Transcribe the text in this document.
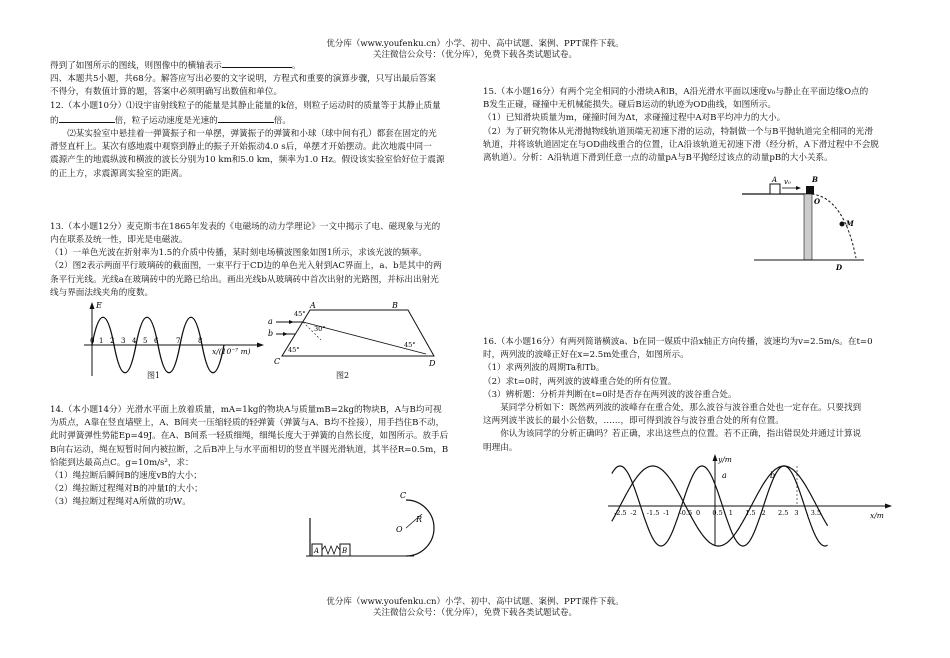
优分库（www.youfenku.cn）小学、初中、高中试题、案例、PPT课件下载。
关注微信公众号：（优分库），免费下载各类试题试卷。
优分库（www.youfenku.cn）小学、初中、高中试题、案例、PPT课件下载。
关注微信公众号：（优分库），免费下载各类试题试卷。

得到了如图所示的图线，则图像中的横轴表示	。

四、本题共5小题，共68分。解答应写出必要的文字说明，方程式和重要的演算步骤，只写出最后答案

不得分，有数值计算的题，答案中必须明确写出数值和单位。

12.（本小题10分）⑴设宇宙射线粒子的能量是其静止能量的k倍，则粒子运动时的质量等于其静止质量

的	倍，粒子运动速度是光速的	倍。

⑵某实验室中悬挂着一弹簧振子和一单摆，弹簧振子的弹簧和小球（球中间有孔）都套在固定的光

滑竖直杆上。某次有感地震中观察到静止的振子开始振动4.0 s后，单摆才开始摆动。此次地震中同一

震源产生的地震纵波和横波的波长分别为10 km和5.0 km，频率为1.0 Hz。假设该实验室恰好位于震源

的正上方，求震源离实验室的距离。

13.（本小题12分）麦克斯韦在1865年发表的《电磁场的动力学理论》一文中揭示了电、磁现象与光的

内在联系及统一性，即光是电磁波。

（1）一单色光波在折射率为1.5的介质中传播，某时刻电场横波图象如图1所示，求该光波的频率。

（2）图2表示两面平行玻璃砖的截面图，一束平行于CD边的单色光入射到AC界面上，a、b是其中的两

条平行光线。光线a在玻璃砖中的光路已给出。画出光线b从玻璃砖中首次出射的光路图，并标出出射光

线与界面法线夹角的度数。

14.（本小题14分）光滑水平面上放着质量，mA=1kg的物块A与质量mB=2kg的物块B，A与B均可视

为质点，A靠在竖直墙壁上，A、B间夹一压缩轻质的轻弹簧（弹簧与A、B均不拴接），用手挡住B不动，

此时弹簧弹性势能Ep=49J。在A、B间系一轻质细绳，细绳长度大于弹簧的自然长度，如图所示。放手后

B向右运动，绳在短暂时间内被拉断，之后B冲上与水平面相切的竖直半圆光滑轨道，其半径R=0.5m，B

恰能到达最高点C。g=10m/s²，求：

（1）绳拉断后瞬间B的速度vB的大小；

（2）绳拉断过程绳对B的冲量I的大小；

（3）绳拉断过程绳对A所做的功W。

E
0 1 2 3 4 5 6	7	8
x/(10⁻⁷ m)
图1
a
b
A	B
C	D
45°
30°
45°
45°
图2
A	B
C
O
R

15.（本小题16分）有两个完全相同的小滑块A和B，A沿光滑水平面以速度v₀与静止在平面边缘O点的

B发生正碰，碰撞中无机械能损失。碰后B运动的轨迹为OD曲线，如图所示。

（1）已知滑块质量为m，碰撞时间为Δt，求碰撞过程中A对B平均冲力的大小。

（2）为了研究物体从光滑抛物线轨道顶端无初速下滑的运动，特制做一个与B平抛轨道完全相同的光滑

轨道，并将该轨道固定在与OD曲线重合的位置，让A沿该轨道无初速下滑（经分析，A下滑过程中不会脱

离轨道）。分析：A沿轨道下滑到任意一点的动量pA与B平抛经过该点的动量pB的大小关系。

A v₀	B
O
M
D

16.（本小题16分）有两列简谐横波a、b在同一媒质中沿x轴正方向传播，波速均为v=2.5m/s。在t=0

时，两列波的波峰正好在x=2.5m处重合，如图所示。

（1）求两列波的周期Ta和Tb。

（2）求t=0时，两列波的波峰重合处的所有位置。

（3）辨析题：分析并判断在t=0时是否存在两列波的波谷重合处。

某同学分析如下：既然两列波的波峰存在重合处，那么波谷与波谷重合处也一定存在。只要找到

这两列波半波长的最小公倍数，……，即可得到波谷与波谷重合处的所有位置。

你认为该同学的分析正确吗？若正确，求出这些点的位置。若不正确，指出错误处并通过计算说

明理由。

y/m
x/m
a	b
-2.5 -2 -1.5 -1 -0.5 0 0.5 1 1.5 2 2.5 3 3.5
